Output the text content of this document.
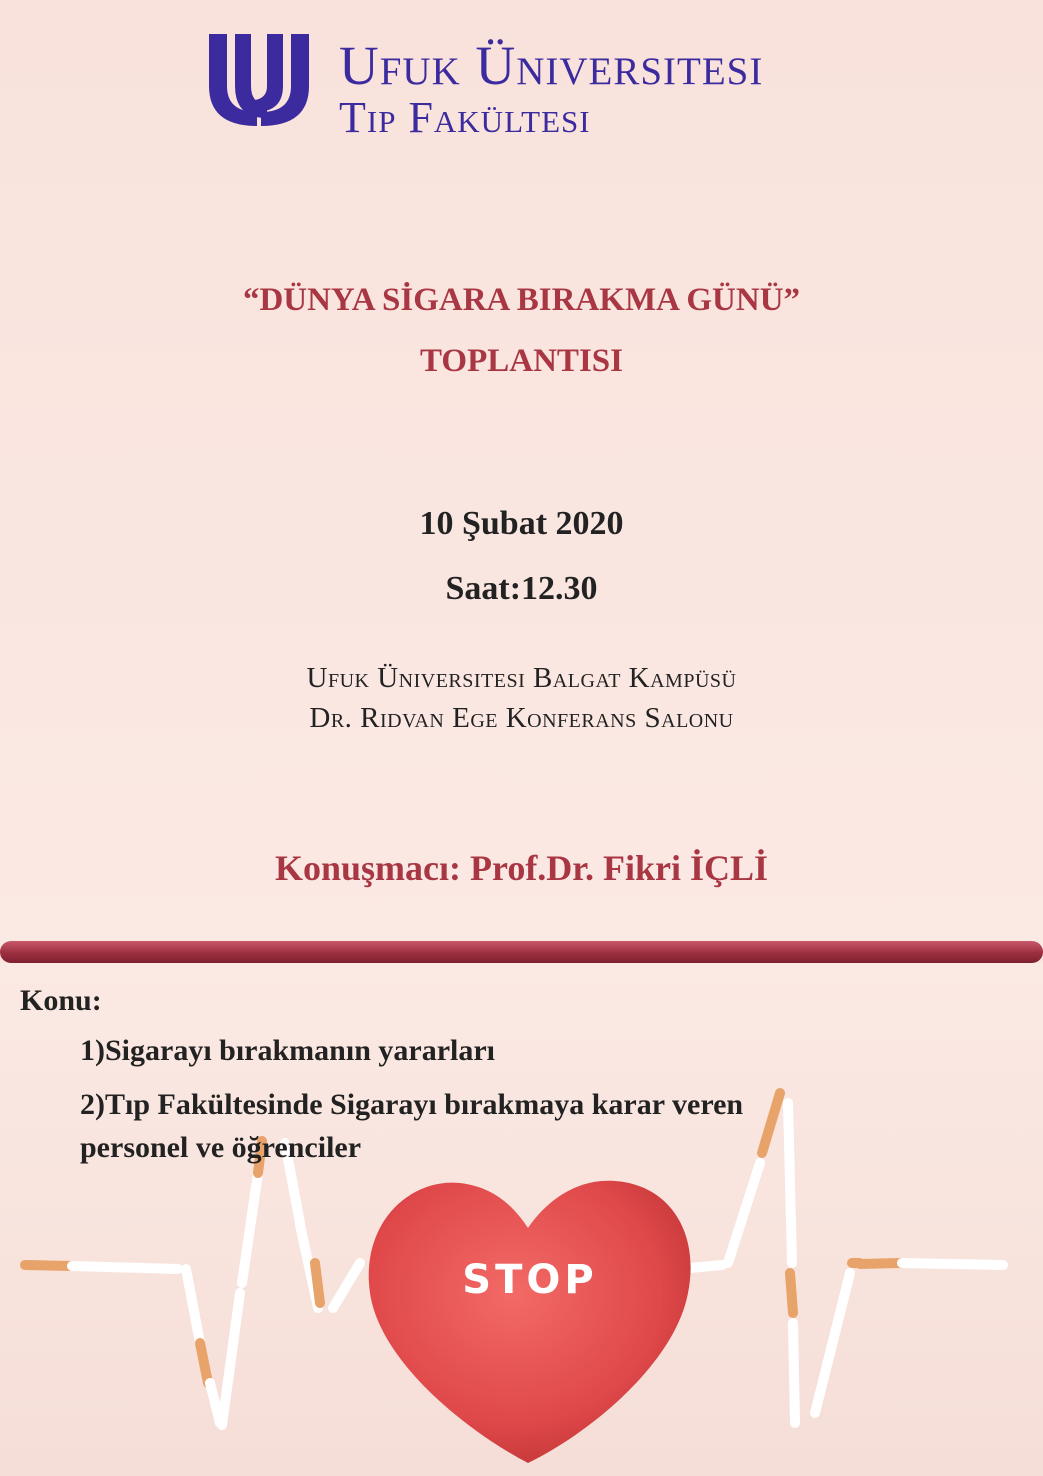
Ufuk Üniversitesi
Tıp Fakültesi
“DÜNYA SİGARA BIRAKMA GÜNÜ”
TOPLANTISI
10 Şubat 2020
Saat:12.30
Ufuk Üniversitesi Balgat Kampüsü
Dr. Rıdvan Ege Konferans Salonu
Konuşmacı: Prof.Dr. Fikri İÇLİ
STOP
Konu:
1)Sigarayı bırakmanın yararları
2)Tıp Fakültesinde Sigarayı bırakmaya karar veren
personel ve öğrenciler
